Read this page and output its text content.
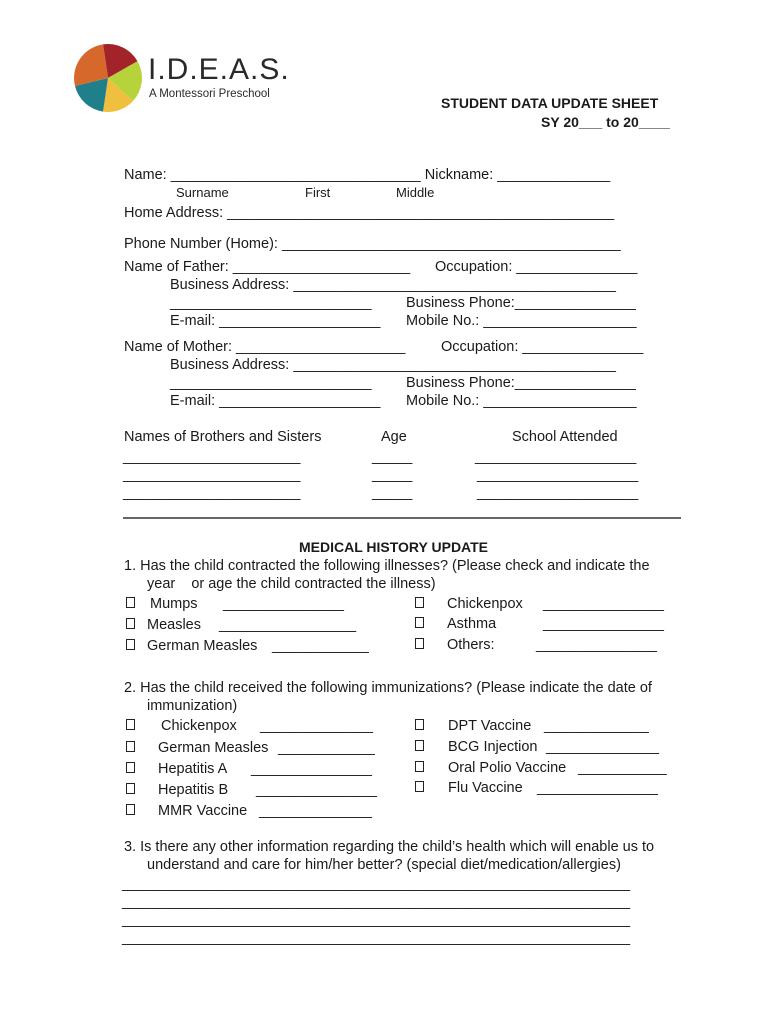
I.D.E.A.S.
A Montessori Preschool
STUDENT DATA UPDATE SHEET
SY 20___ to 20____
Name: _______________________________ Nickname: ______________
Surname	First	Middle
Home Address: ________________________________________________
Phone Number (Home): __________________________________________
Name of Father: ______________________ Occupation: _______________
Business Address: ________________________________________
_________________________ Business Phone:_______________
E-mail: ____________________ Mobile No.: ___________________
Name of Mother: _____________________ Occupation: _______________
Business Address: ________________________________________
_________________________ Business Phone:_______________
E-mail: ____________________ Mobile No.: ___________________
Names of Brothers and Sisters	Age	School Attended
______________________	_____	____________________
______________________	_____	____________________
______________________	_____	____________________
MEDICAL HISTORY UPDATE
1. Has the child contracted the following illnesses? (Please check and indicate the
year    or age the child contracted the illness)
Mumps _______________
Measles _________________
German Measles ____________
Chickenpox _______________
Asthma	_______________
Others:	_______________
2. Has the child received the following immunizations? (Please indicate the date of
immunization)
Chickenpox ______________
German Measles ____________
Hepatitis A _______________
Hepatitis B _______________
MMR Vaccine ______________
DPT Vaccine _____________
BCG Injection ______________
Oral Polio Vaccine ___________
Flu Vaccine _______________
3. Is there any other information regarding the child’s health which will enable us to
understand and care for him/her better? (special diet/medication/allergies)
_______________________________________________________________
_______________________________________________________________
_______________________________________________________________
_______________________________________________________________
